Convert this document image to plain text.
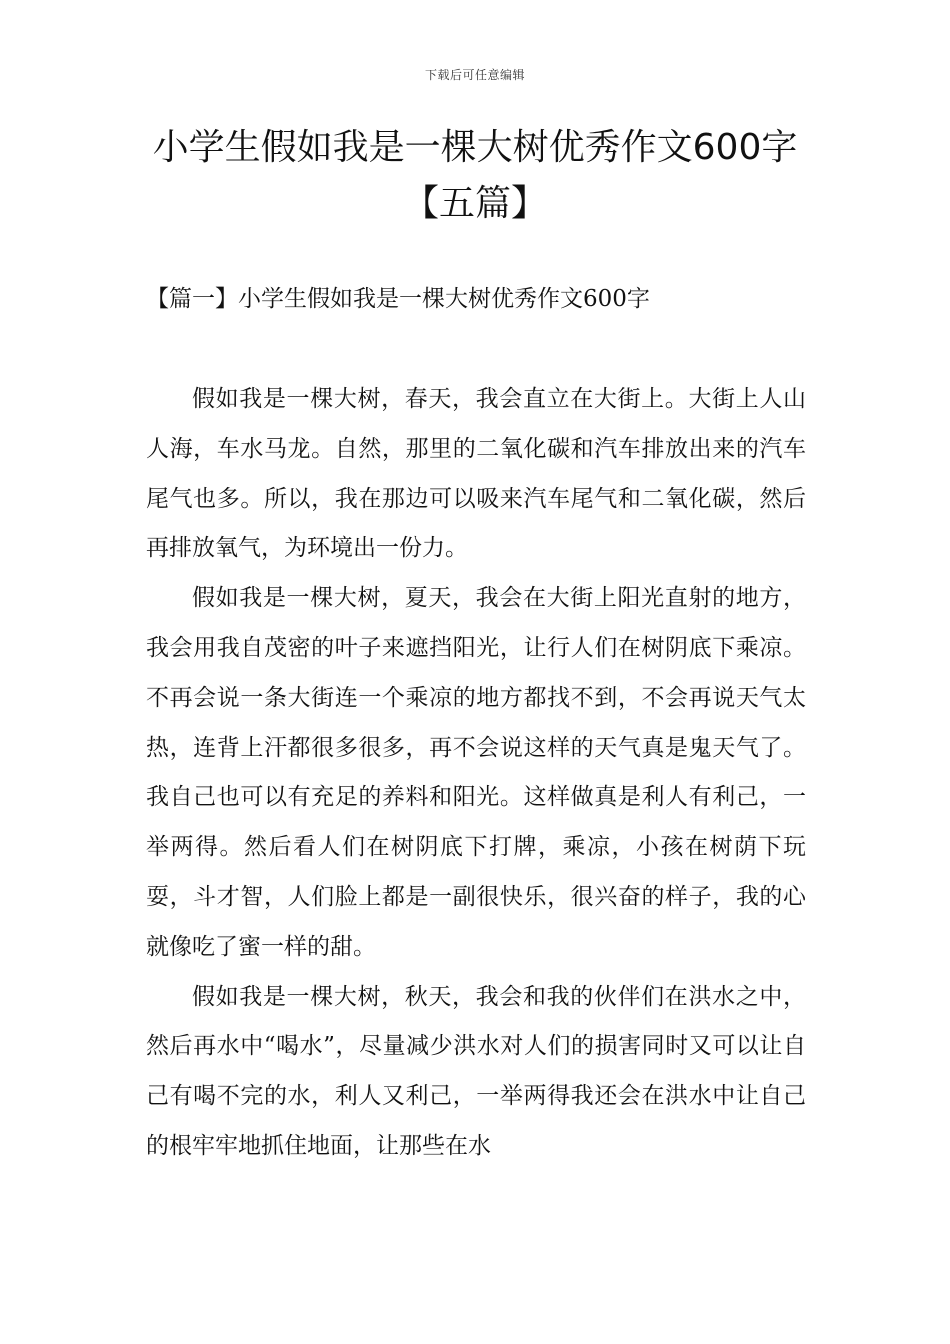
下载后可任意编辑
小学生假如我是一棵大树优秀作文600字【五篇】
【篇一】小学生假如我是一棵大树优秀作文600字

假如我是一棵大树，春天，我会直立在大街上。大街上人山人海，车水马龙。自然，那里的二氧化碳和汽车排放出来的汽车尾气也多。所以，我在那边可以吸来汽车尾气和二氧化碳，然后再排放氧气，为环境出一份力。

假如我是一棵大树，夏天，我会在大街上阳光直射的地方，我会用我自茂密的叶子来遮挡阳光，让行人们在树阴底下乘凉。不再会说一条大街连一个乘凉的地方都找不到，不会再说天气太热，连背上汗都很多很多，再不会说这样的天气真是鬼天气了。我自己也可以有充足的养料和阳光。这样做真是利人有利己，一举两得。然后看人们在树阴底下打牌，乘凉，小孩在树荫下玩耍，斗才智，人们脸上都是一副很快乐，很兴奋的样子，我的心就像吃了蜜一样的甜。

假如我是一棵大树，秋天，我会和我的伙伴们在洪水之中，然后再水中“喝水”，尽量减少洪水对人们的损害同时又可以让自己有喝不完的水，利人又利己，一举两得我还会在洪水中让自己的根牢牢地抓住地面，让那些在水
